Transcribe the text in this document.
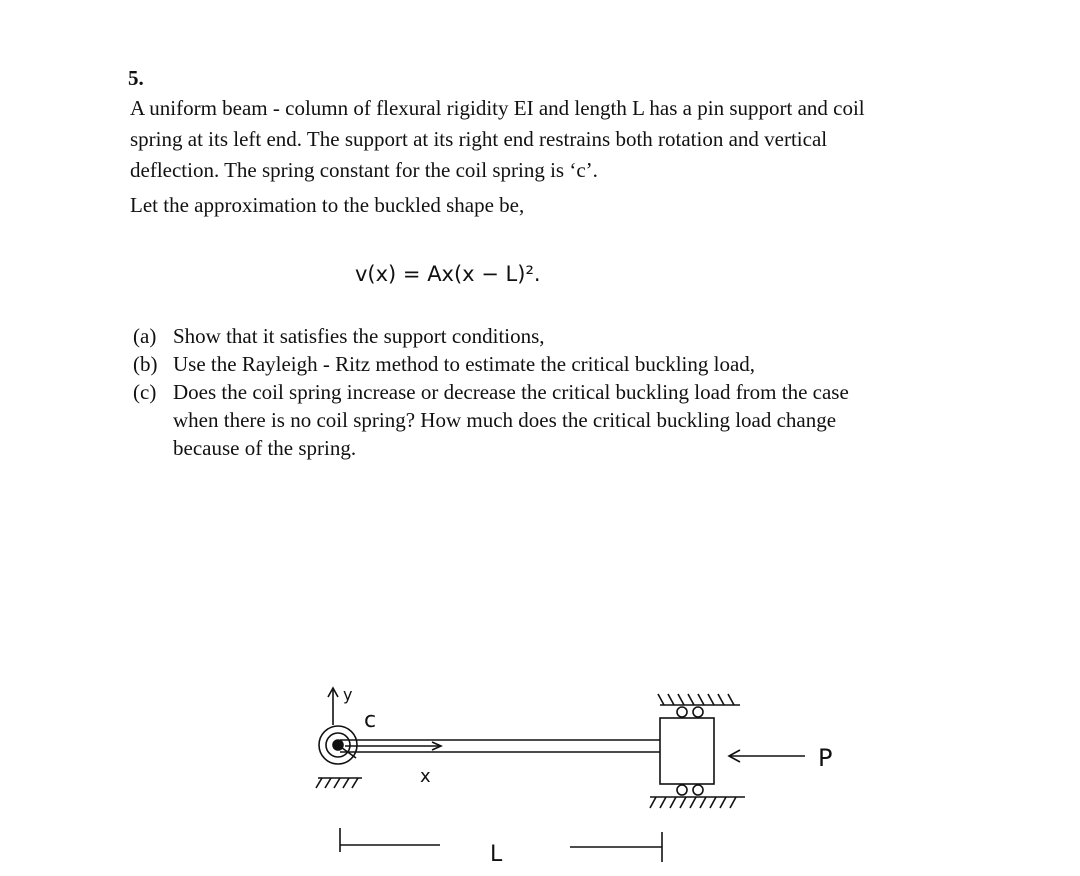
5.
A uniform beam - column of flexural rigidity EI and length L has a pin support and coil
spring at its left end. The support at its right end restrains both rotation and vertical
deflection. The spring constant for the coil spring is ‘c’.
Let the approximation to the buckled shape be,
v(x) = Ax(x − L)².
(a) Show that it satisfies the support conditions,
(b) Use the Rayleigh - Ritz method to estimate the critical buckling load,
(c) Does the coil spring increase or decrease the critical buckling load from the case
when there is no coil spring? How much does the critical buckling load change
because of the spring.
c
y
x
L
P
